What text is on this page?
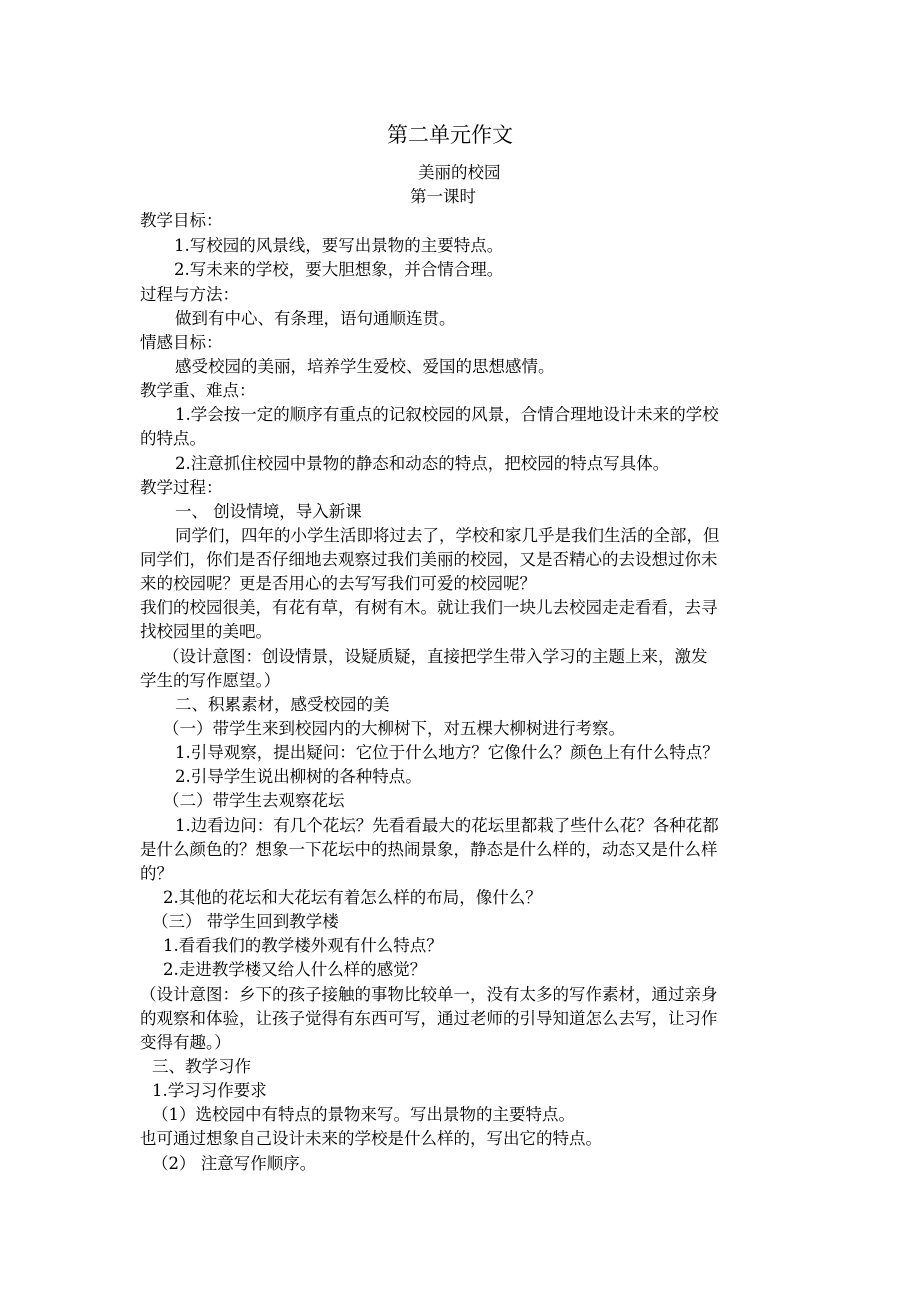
第二单元作文
美丽的校园
第一课时
教学目标：
1.写校园的风景线，要写出景物的主要特点。
2.写未来的学校，要大胆想象，并合情合理。
过程与方法：
做到有中心、有条理，语句通顺连贯。
情感目标：
感受校园的美丽，培养学生爱校、爱国的思想感情。
教学重、难点：
1.学会按一定的顺序有重点的记叙校园的风景，合情合理地设计未来的学校
的特点。
2.注意抓住校园中景物的静态和动态的特点，把校园的特点写具体。
教学过程：
一、 创设情境，导入新课
同学们，四年的小学生活即将过去了，学校和家几乎是我们生活的全部，但
同学们，你们是否仔细地去观察过我们美丽的校园，又是否精心的去设想过你未
来的校园呢？更是否用心的去写写我们可爱的校园呢？
我们的校园很美，有花有草，有树有木。就让我们一块儿去校园走走看看，去寻
找校园里的美吧。
（设计意图：创设情景，设疑质疑，直接把学生带入学习的主题上来，激发
学生的写作愿望。）
二、积累素材，感受校园的美
（一）带学生来到校园内的大柳树下，对五棵大柳树进行考察。
1.引导观察，提出疑问：它位于什么地方？它像什么？颜色上有什么特点？
2.引导学生说出柳树的各种特点。
（二）带学生去观察花坛
1.边看边问：有几个花坛？先看看最大的花坛里都栽了些什么花？各种花都
是什么颜色的？想象一下花坛中的热闹景象，静态是什么样的，动态又是什么样
的？
2.其他的花坛和大花坛有着怎么样的布局，像什么？
（三） 带学生回到教学楼
1.看看我们的教学楼外观有什么特点？
2.走进教学楼又给人什么样的感觉？
（设计意图：乡下的孩子接触的事物比较单一，没有太多的写作素材，通过亲身
的观察和体验，让孩子觉得有东西可写，通过老师的引导知道怎么去写，让习作
变得有趣。）
三、教学习作
1.学习习作要求
（1）选校园中有特点的景物来写。写出景物的主要特点。
也可通过想象自己设计未来的学校是什么样的，写出它的特点。
（2） 注意写作顺序。
